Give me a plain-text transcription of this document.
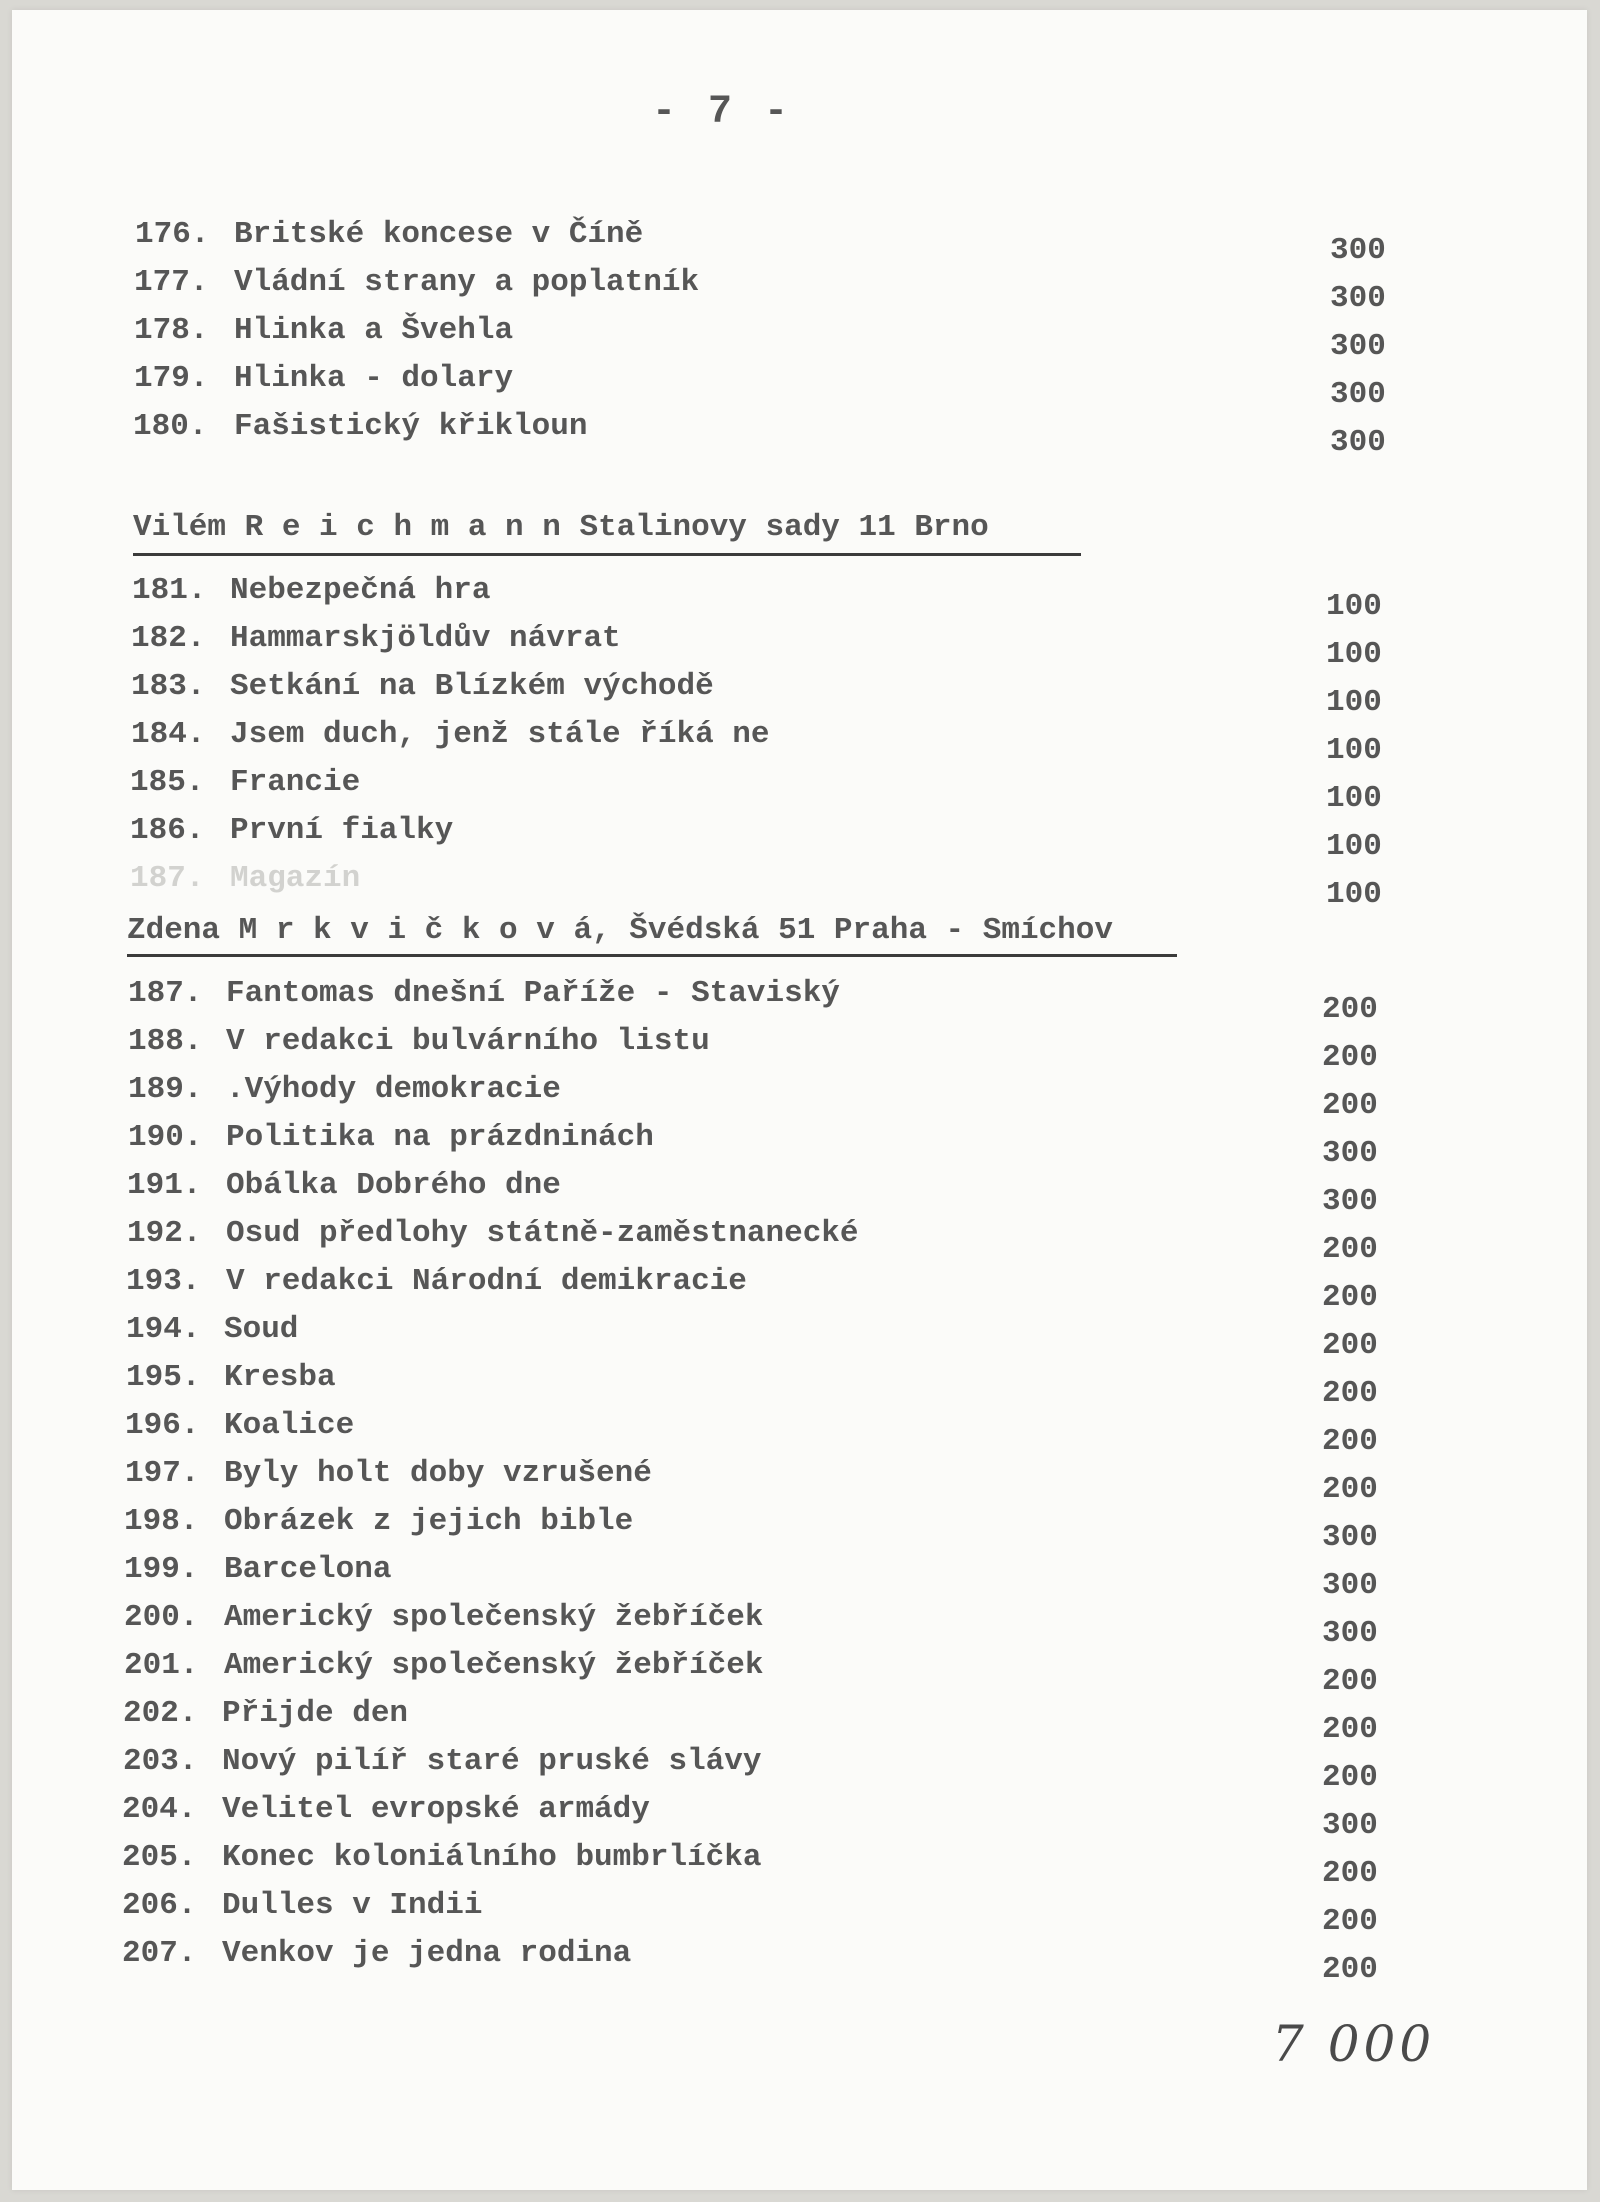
- 7 -
176. Britské koncese v Číně	300
177. Vládní strany a poplatník	300
178. Hlinka a Švehla	300
179. Hlinka - dolary	300
180. Fašistický křikloun	300
Vilém R e i c h m a n n Stalinovy sady 11 Brno
181. Nebezpečná hra	100
182. Hammarskjöldův návrat	100
183. Setkání na Blízkém východě	100
184. Jsem duch, jenž stále říká ne	100
185. Francie	100
186. První fialky	100
187. Magazín	100
Zdena M r k v i č k o v á, Švédská 51 Praha - Smíchov
187. Fantomas dnešní Paříže - Staviský	200
188. V redakci bulvárního listu	200
189. .Výhody demokracie	200
190. Politika na prázdninách	300
191. Obálka Dobrého dne	300
192. Osud předlohy státně-zaměstnanecké	200
193. V redakci Národní demikracie	200
194. Soud	200
195. Kresba	200
196. Koalice	200
197. Byly holt doby vzrušené	200
198. Obrázek z jejich bible	300
199. Barcelona	300
200. Americký společenský žebříček	300
201. Americký společenský žebříček	200
202. Přijde den	200
203. Nový pilíř staré pruské slávy	200
204. Velitel evropské armády	300
205. Konec koloniálního bumbrlíčka	200
206. Dulles v Indii	200
207. Venkov je jedna rodina	200
7 000
